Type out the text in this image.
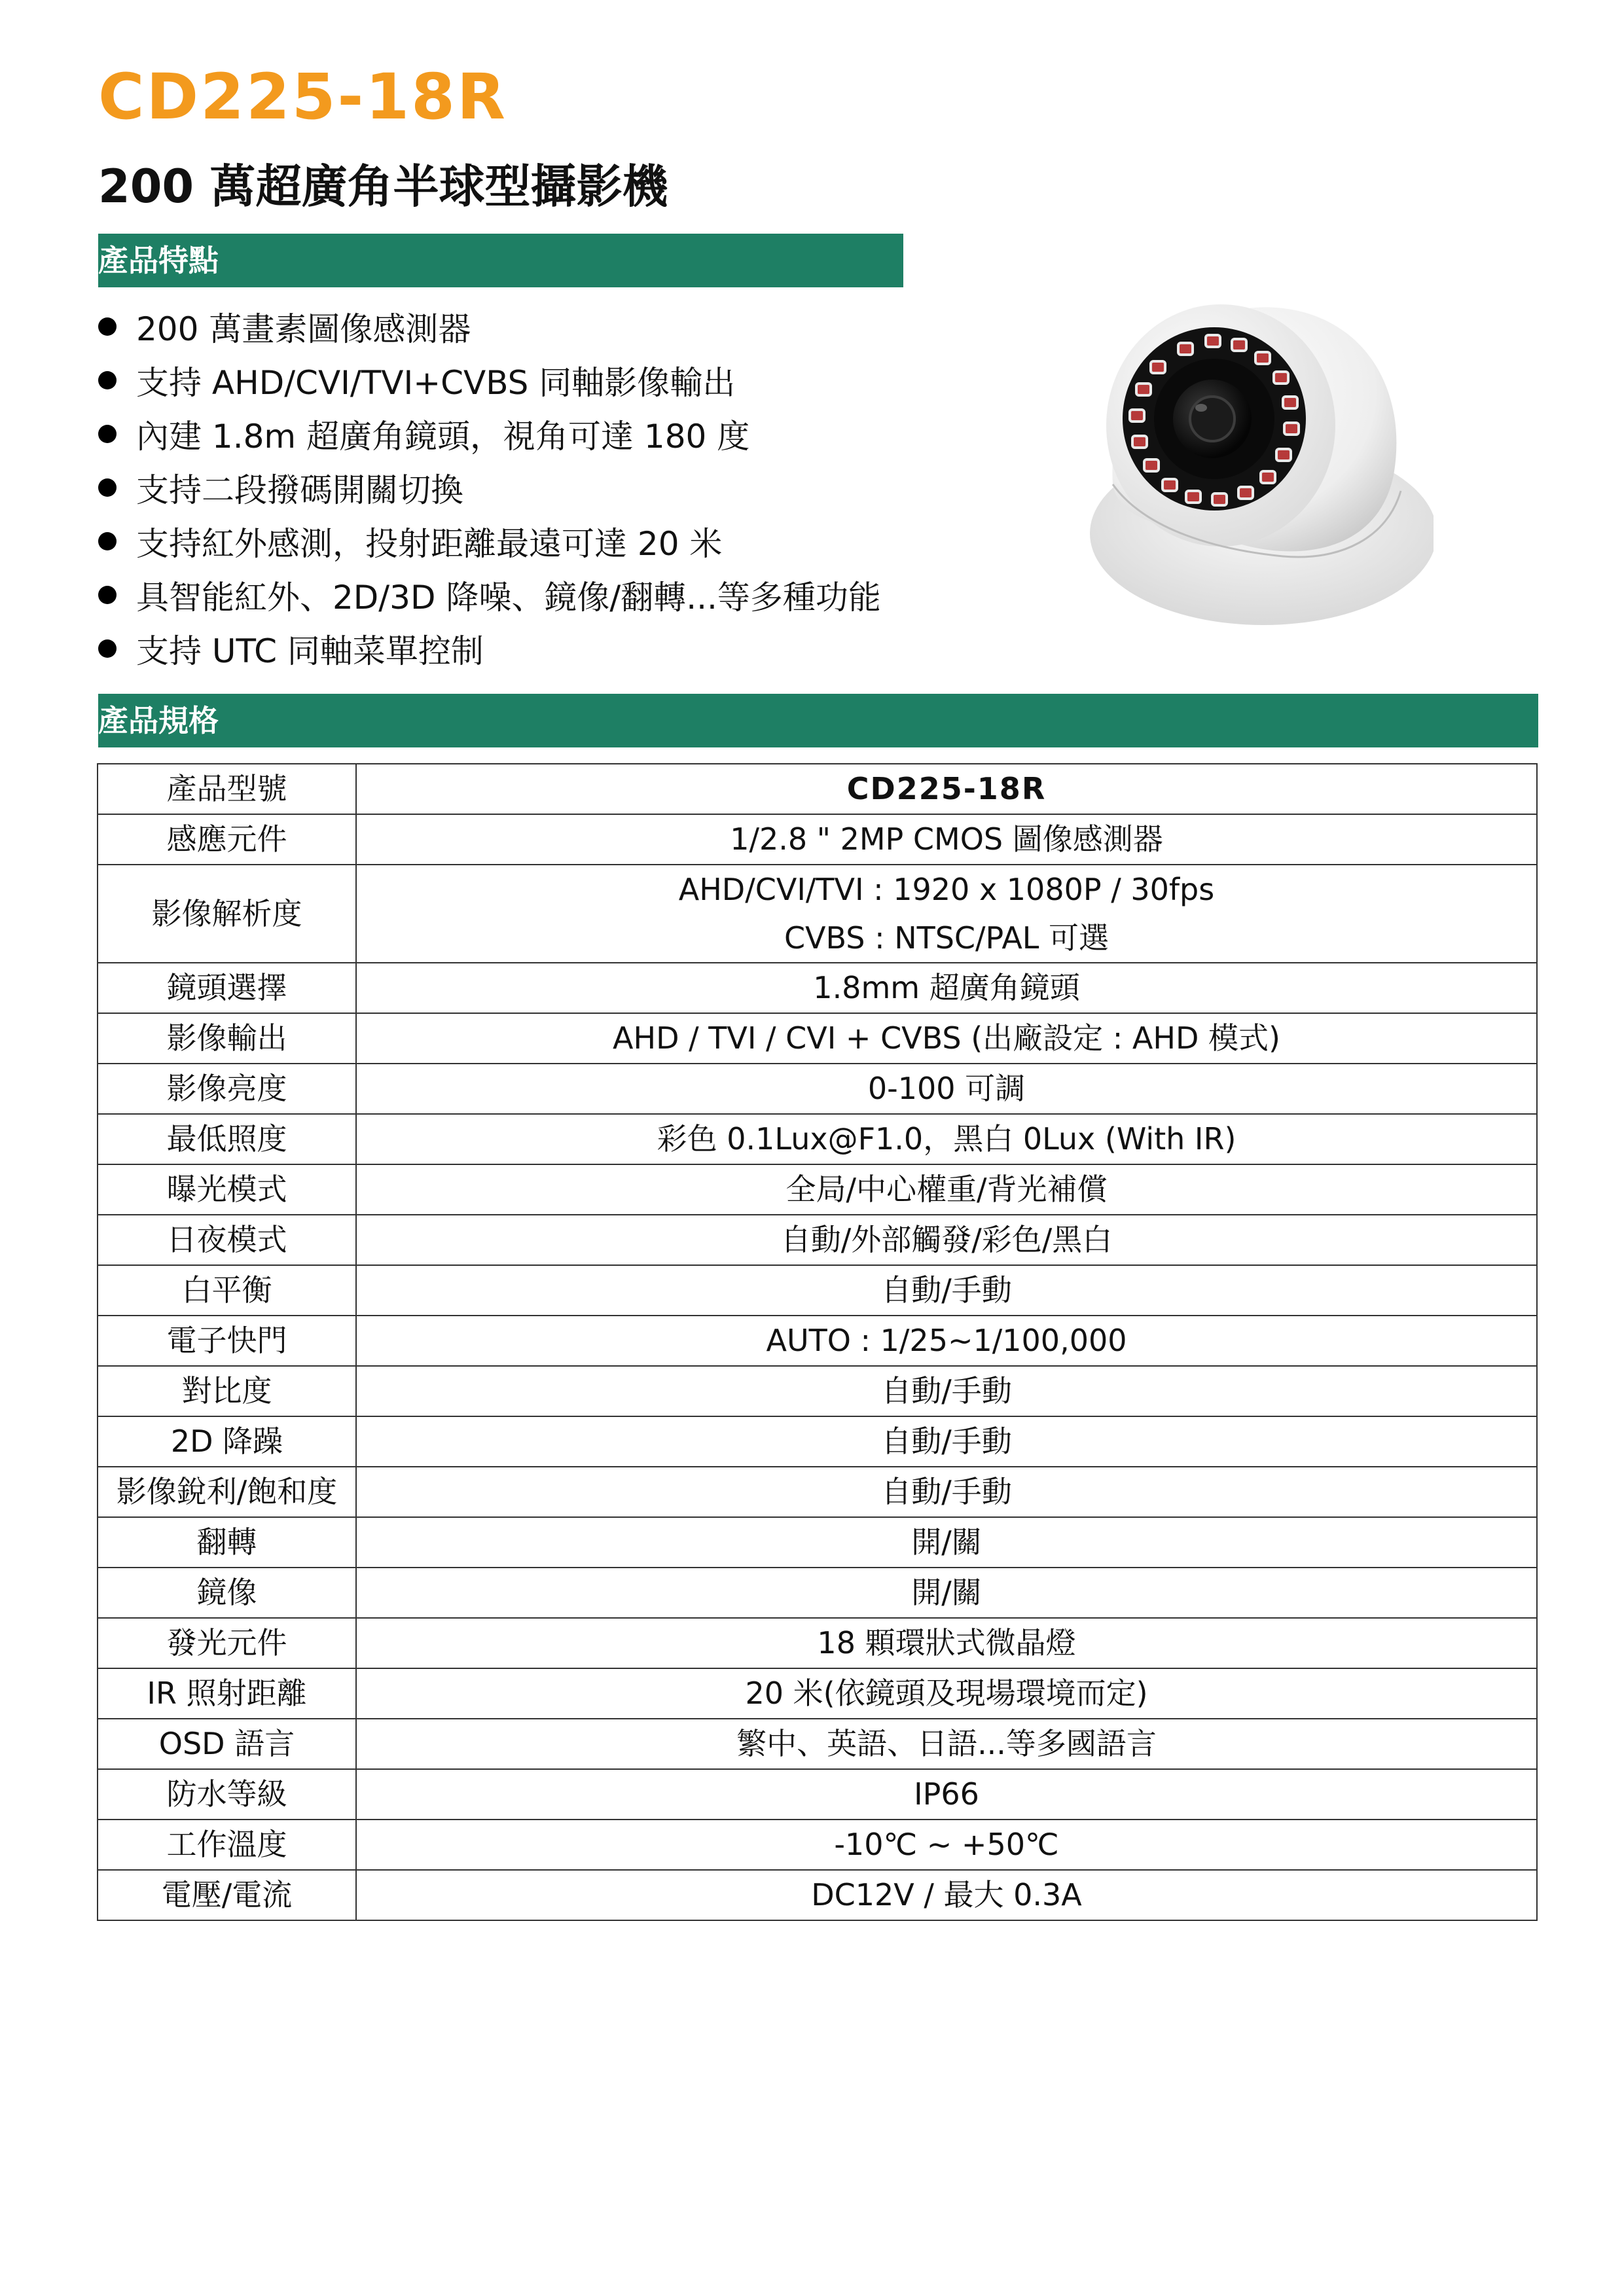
CD225-18R
200 萬超廣角半球型攝影機
產品特點
200 萬畫素圖像感測器
支持 AHD/CVI/TVI+CVBS 同軸影像輸出
內建 1.8m 超廣角鏡頭，視角可達 180 度
支持二段撥碼開關切換
支持紅外感測，投射距離最遠可達 20 米
具智能紅外、2D/3D 降噪、鏡像/翻轉...等多種功能
支持 UTC 同軸菜單控制
產品規格
產品型號	CD225-18R
感應元件	1/2.8 " 2MP CMOS 圖像感測器
影像解析度	AHD/CVI/TVI : 1920 x 1080P / 30fps
CVBS : NTSC/PAL 可選

鏡頭選擇	1.8mm 超廣角鏡頭
影像輸出	AHD / TVI / CVI + CVBS (出廠設定 : AHD 模式)
影像亮度	0-100 可調
最低照度	彩色 0.1Lux@F1.0，黑白 0Lux (With IR)
曝光模式	全局/中心權重/背光補償
日夜模式	自動/外部觸發/彩色/黑白
白平衡	自動/手動
電子快門	AUTO : 1/25~1/100,000
對比度	自動/手動
2D 降躁	自動/手動
影像銳利/飽和度	自動/手動
翻轉	開/關
鏡像	開/關
發光元件	18 顆環狀式微晶燈
IR 照射距離	20 米(依鏡頭及現場環境而定)
OSD 語言	繁中、英語、日語...等多國語言
防水等級	IP66
工作溫度	-10℃ ~ +50℃
電壓/電流	DC12V / 最大 0.3A
